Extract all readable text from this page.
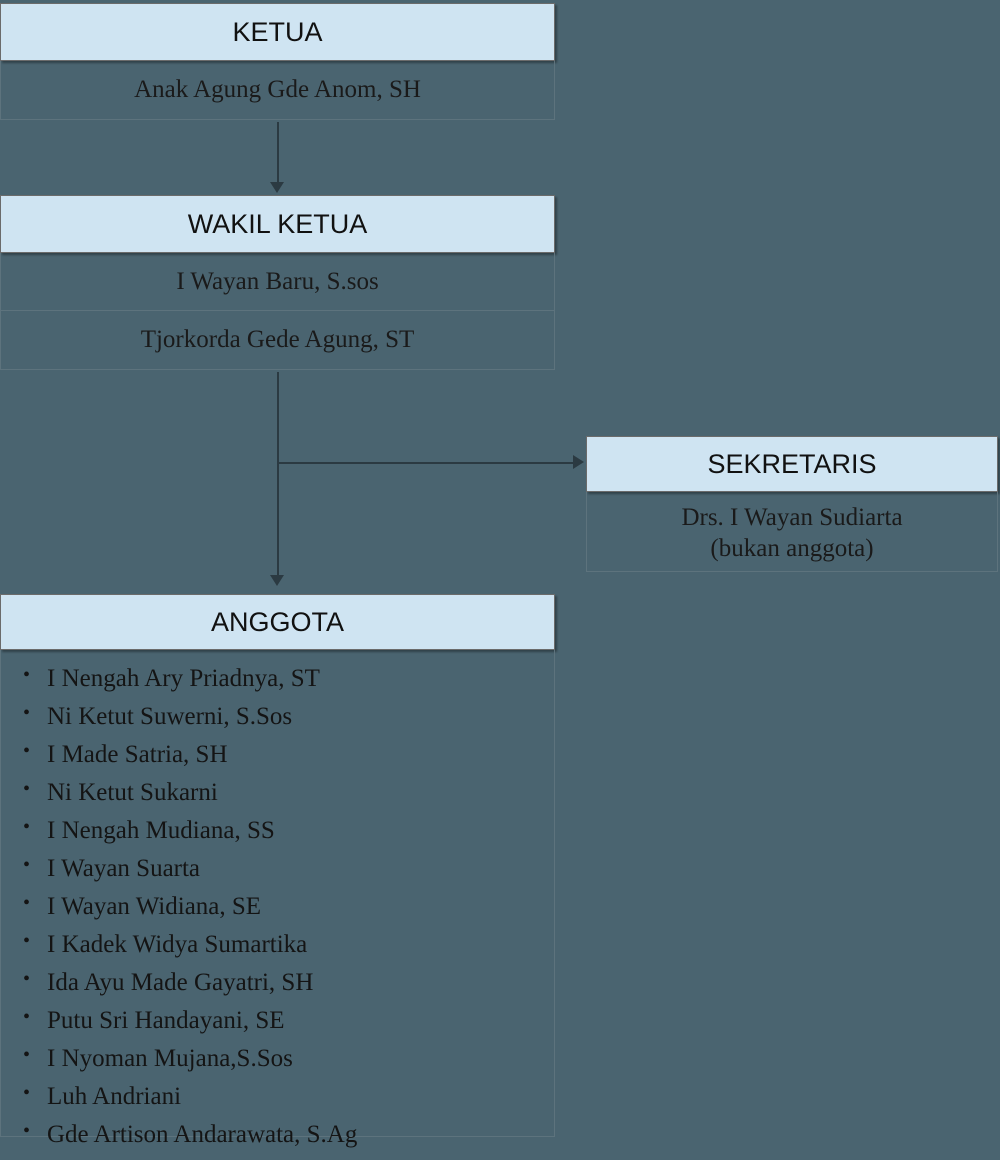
KETUA
Anak Agung Gde Anom, SH
WAKIL KETUA
I Wayan Baru, S.sos
Tjorkorda Gede Agung, ST
SEKRETARIS
Drs. I Wayan Sudiarta
(bukan anggota)
ANGGOTA
• I Nengah Ary Priadnya, ST
• Ni Ketut Suwerni, S.Sos
• I Made Satria, SH
• Ni Ketut Sukarni
• I Nengah Mudiana, SS
• I Wayan Suarta
• I Wayan Widiana, SE
• I Kadek Widya Sumartika
• Ida Ayu Made Gayatri, SH
• Putu Sri Handayani, SE
• I Nyoman Mujana,S.Sos
• Luh Andriani
• Gde Artison Andarawata, S.Ag
